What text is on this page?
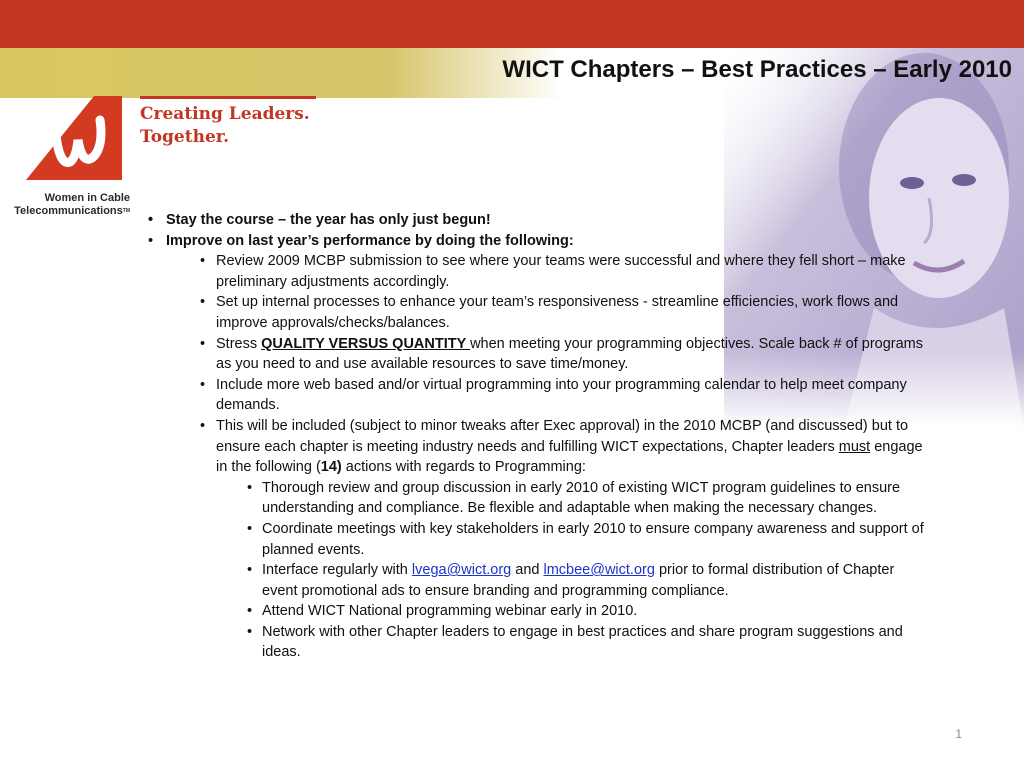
WICT Chapters – Best Practices – Early 2010
Creating Leaders.
Together.
Women in Cable
Telecommunications™
• Stay the course – the year has only just begun!
• Improve on last year’s performance by doing the following:
• Review 2009 MCBP submission to see where your teams were successful and where they fell short – make preliminary adjustments accordingly.
• Set up internal processes to enhance your team’s responsiveness - streamline efficiencies, work flows and improve approvals/checks/balances.
• Stress QUALITY VERSUS QUANTITY when meeting your programming objectives. Scale back # of programs as you need to and use available resources to save time/money.
• Include more web based and/or virtual programming into your programming calendar to help meet company demands.
• This will be included (subject to minor tweaks after Exec approval) in the 2010 MCBP (and discussed) but to ensure each chapter is meeting industry needs and fulfilling WICT expectations, Chapter leaders must engage in the following (14) actions with regards to Programming:
• Thorough review and group discussion in early 2010 of existing WICT program guidelines to ensure understanding and compliance. Be flexible and adaptable when making the necessary changes.
• Coordinate meetings with key stakeholders in early 2010 to ensure company awareness and support of planned events.
• Interface regularly with lvega@wict.org and lmcbee@wict.org prior to formal distribution of Chapter event promotional ads to ensure branding and programming compliance.
• Attend WICT National programming webinar early in 2010.
• Network with other Chapter leaders to engage in best practices and share program suggestions and ideas.
1
